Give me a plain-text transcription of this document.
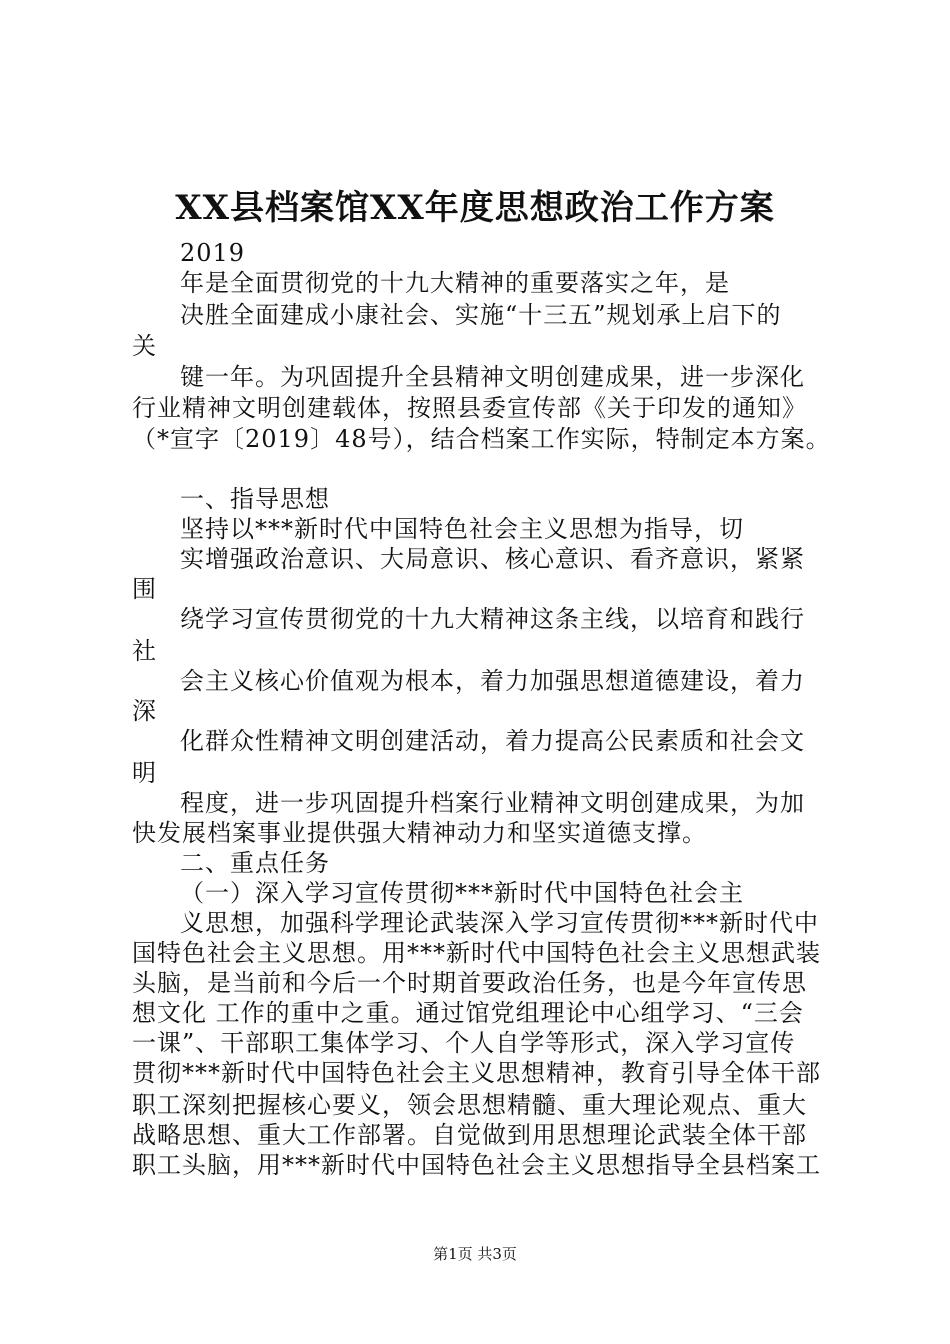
XX县档案馆XX年度思想政治工作方案
2019
年是全面贯彻党的十九大精神的重要落实之年，是
决胜全面建成小康社会、实施“十三五”规划承上启下的
关
键一年。为巩固提升全县精神文明创建成果，进一步深化
行业精神文明创建载体，按照县委宣传部《关于印发的通知》
（*宣字〔2019〕48号），结合档案工作实际，特制定本方案。
一、指导思想
坚持以***新时代中国特色社会主义思想为指导，切
实增强政治意识、大局意识、核心意识、看齐意识，紧紧
围
绕学习宣传贯彻党的十九大精神这条主线，以培育和践行
社
会主义核心价值观为根本，着力加强思想道德建设，着力
深
化群众性精神文明创建活动，着力提高公民素质和社会文
明
程度，进一步巩固提升档案行业精神文明创建成果，为加
快发展档案事业提供强大精神动力和坚实道德支撑。
二、重点任务
（一）深入学习宣传贯彻***新时代中国特色社会主
义思想，加强科学理论武装深入学习宣传贯彻***新时代中
国特色社会主义思想。用***新时代中国特色社会主义思想武装
头脑，是当前和今后一个时期首要政治任务，也是今年宣传思
想文化 工作的重中之重。通过馆党组理论中心组学习、“三会
一课”、干部职工集体学习、个人自学等形式，深入学习宣传
贯彻***新时代中国特色社会主义思想精神，教育引导全体干部
职工深刻把握核心要义，领会思想精髓、重大理论观点、重大
战略思想、重大工作部署。自觉做到用思想理论武装全体干部
职工头脑，用***新时代中国特色社会主义思想指导全县档案工
第1页 共3页
